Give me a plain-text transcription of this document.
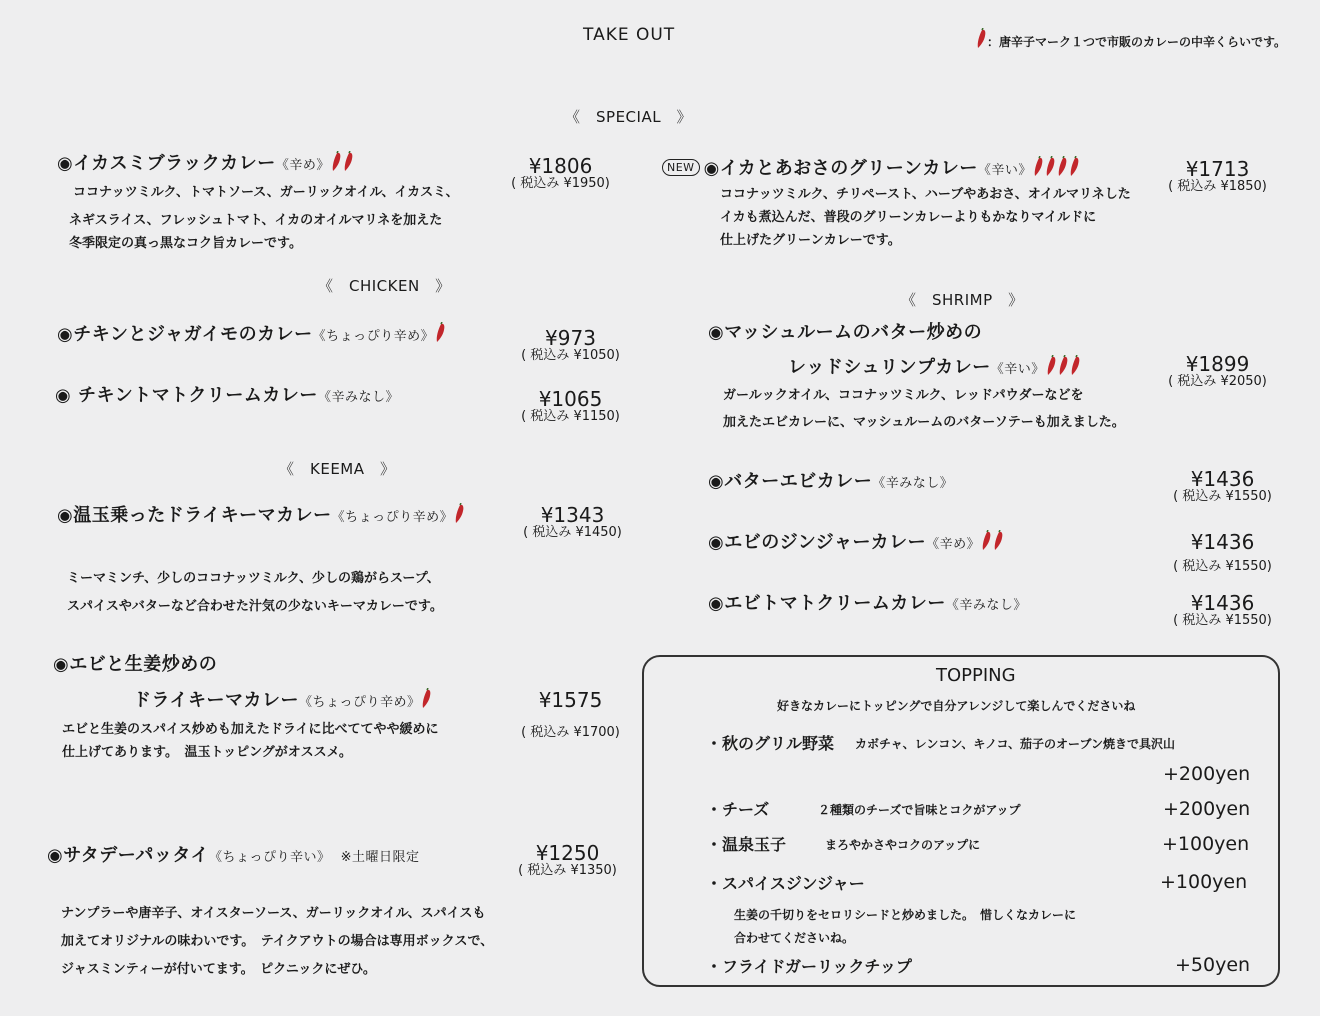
TAKE OUT	：唐辛子マーク１つで市販のカレーの中辛くらいです。
《　SPECIAL　》
◉イカスミブラックカレー《辛め》	¥1806
( 税込み ¥1950)
ココナッツミルク、トマトソース、ガーリックオイル、イカスミ、
ネギスライス、フレッシュトマト、イカのオイルマリネを加えた
冬季限定の真っ黒なコク旨カレーです。
NEW ◉イカとあおさのグリーンカレー《辛い》	¥1713
( 税込み ¥1850)
ココナッツミルク、チリペースト、ハーブやあおさ、オイルマリネした
イカも煮込んだ、普段のグリーンカレーよりもかなりマイルドに
仕上げたグリーンカレーです。
《　CHICKEN　》
◉チキンとジャガイモのカレー《ちょっぴり辛め》	¥973
( 税込み ¥1050)
◉ チキントマトクリームカレー《辛みなし》	¥1065
( 税込み ¥1150)
《　KEEMA　》
◉温玉乗ったドライキーマカレー《ちょっぴり辛め》	¥1343
( 税込み ¥1450)
ミーマミンチ、少しのココナッツミルク、少しの鶏がらスープ、
スパイスやバターなど合わせた汁気の少ないキーマカレーです。
◉エビと生姜炒めの
ドライキーマカレー《ちょっぴり辛め》	¥1575
( 税込み ¥1700)
エビと生姜のスパイス炒めも加えたドライに比べててやや緩めに
仕上げてあります。　温玉トッピングがオススメ。
◉サタデーパッタイ《ちょっぴり辛い》 ※土曜日限定	¥1250
( 税込み ¥1350)
ナンプラーや唐辛子、オイスターソース、ガーリックオイル、スパイスも
加えてオリジナルの味わいです。　テイクアウトの場合は専用ボックスで、
ジャスミンティーが付いてます。　ピクニックにぜひ。
《　SHRIMP　》
◉マッシュルームのバター炒めの
レッドシュリンプカレー《辛い》	¥1899
( 税込み ¥2050)
ガールックオイル、ココナッツミルク、レッドパウダーなどを
加えたエビカレーに、マッシュルームのバターソテーも加えました。
◉バターエビカレー《辛みなし》	¥1436
( 税込み ¥1550)
◉エビのジンジャーカレー《辛め》	¥1436
( 税込み ¥1550)
◉エビトマトクリームカレー《辛みなし》	¥1436
( 税込み ¥1550)
TOPPING
好きなカレーにトッピングで自分アレンジして楽しんでくださいね
・秋のグリル野菜 カボチャ、レンコン、キノコ、茄子のオーブン焼きで具沢山
+200yen
・チーズ	２種類のチーズで旨味とコクがアップ	+200yen
・温泉玉子	まろやかさやコクのアップに	+100yen
・スパイスジンジャー	+100yen
生姜の千切りをセロリシードと炒めました。　惜しくなカレーに
合わせてくださいね。
・フライドガーリックチップ	+50yen
